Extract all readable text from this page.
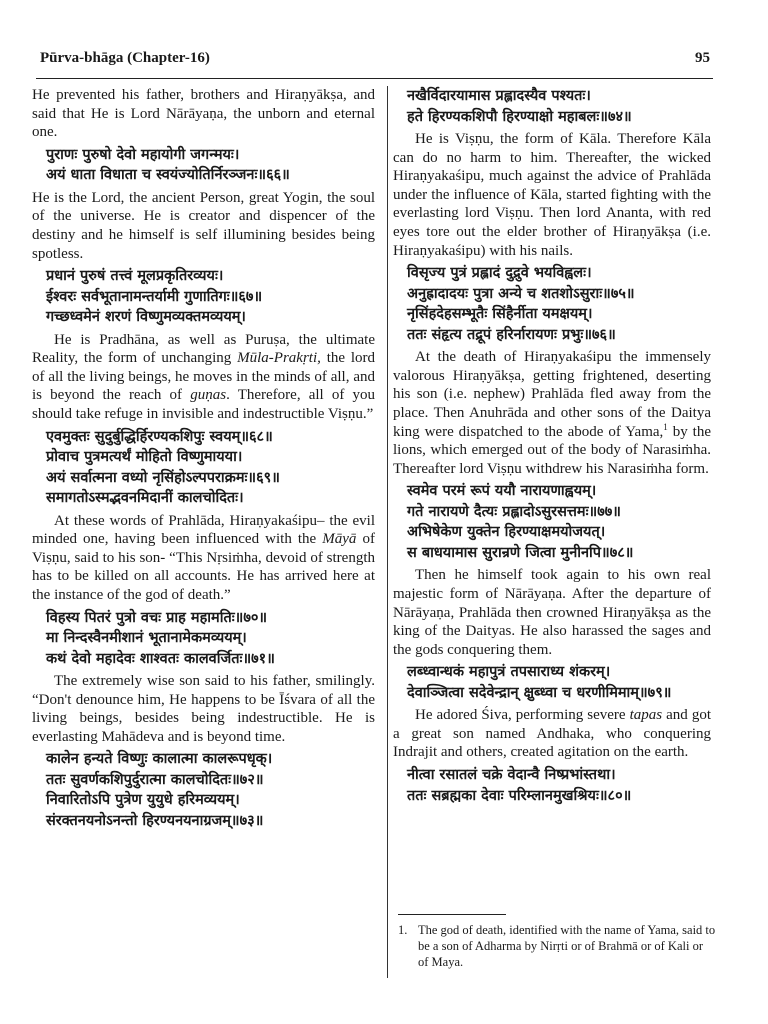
Pūrva-bhāga (Chapter-16)	95

He prevented his father, brothers and Hiraṇyākṣa, and said that He is Lord Nārāyaṇa, the unborn and eternal one.

पुराणः पुरुषो देवो महायोगी जगन्मयः।
अयं धाता विधाता च स्वयंज्योतिर्निरञ्जनः॥६६॥

He is the Lord, the ancient Person, great Yogin, the soul of the universe. He is creator and dispencer of the destiny and he himself is self illumining besides being spotless.

प्रधानं पुरुषं तत्त्वं मूलप्रकृतिरव्ययः।
ईश्वरः सर्वभूतानामन्तर्यामी गुणातिगः॥६७॥
गच्छध्वमेनं शरणं विष्णुमव्यक्तमव्ययम्।

He is Pradhāna, as well as Puruṣa, the ultimate Reality, the form of unchanging Mūla-Prakṛti, the lord of all the living beings, he moves in the minds of all, and is beyond the reach of guṇas. Therefore, all of you should take refuge in invisible and indestructible Viṣṇu.”

एवमुक्तः सुदुर्बुद्धिर्हिरण्यकशिपुः स्वयम्॥६८॥
प्रोवाच पुत्रमत्यर्थं मोहितो विष्णुमायया।
अयं सर्वात्मना वध्यो नृसिंहोऽल्पपराक्रमः॥६९॥
समागतोऽस्मद्भवनमिदानीं कालचोदितः।

At these words of Prahlāda, Hiraṇyakaśipu– the evil minded one, having been influenced with the Māyā of Viṣṇu, said to his son- “This Nṛsiṁha, devoid of strength has to be killed on all accounts. He has arrived here at the instance of the god of death.”

विहस्य पितरं पुत्रो वचः प्राह महामतिः॥७०॥
मा निन्दस्वैनमीशानं भूतानामेकमव्ययम्।
कथं देवो महादेवः शाश्वतः कालवर्जितः॥७१॥

The extremely wise son said to his father, smilingly. “Don't denounce him, He happens to be Īśvara of all the living beings, besides being indestructible. He is everlasting Mahādeva and is beyond time.

कालेन हन्यते विष्णुः कालात्मा कालरूपधृक्।
ततः सुवर्णकशिपुर्दुरात्मा कालचोदितः॥७२॥
निवारितोऽपि पुत्रेण युयुधे हरिमव्ययम्।
संरक्तनयनोऽनन्तो हिरण्यनयनाग्रजम्॥७३॥
नखैर्विदारयामास प्रह्लादस्यैव पश्यतः।
हते हिरण्यकशिपौ हिरण्याक्षो महाबलः॥७४॥

He is Viṣṇu, the form of Kāla. Therefore Kāla can do no harm to him. Thereafter, the wicked Hiraṇyakaśipu, much against the advice of Prahlāda under the influence of Kāla, started fighting with the everlasting lord Viṣṇu. Then lord Ananta, with red eyes tore out the elder brother of Hiraṇyākṣa (i.e. Hiraṇyakaśipu) with his nails.

विसृज्य पुत्रं प्रह्लादं दुद्रुवे भयविह्वलः।
अनुह्रादादयः पुत्रा अन्ये च शतशोऽसुराः॥७५॥
नृसिंहदेहसम्भूतैः सिंहैर्नीता यमक्षयम्।
ततः संहृत्य तद्रूपं हरिर्नारायणः प्रभुः॥७६॥

At the death of Hiraṇyakaśipu the immensely valorous Hiraṇyākṣa, getting frightened, deserting his son (i.e. nephew) Prahlāda fled away from the place. Then Anuhrāda and other sons of the Daitya king were dispatched to the abode of Yama,$^1$ by the lions, which emerged out of the body of Narasiṁha. Thereafter lord Viṣṇu withdrew his Narasiṁha form.

स्वमेव परमं रूपं ययौ नारायणाह्वयम्।
गते नारायणे दैत्यः प्रह्लादोऽसुरसत्तमः॥७७॥
अभिषेकेण युक्तेन हिरण्याक्षमयोजयत्।
स बाधयामास सुरान्रणे जित्वा मुनीनपि॥७८॥

Then he himself took again to his own real majestic form of Nārāyaṇa. After the departure of Nārāyaṇa, Prahlāda then crowned Hiraṇyākṣa as the king of the Daityas. He also harassed the sages and the gods conquering them.

लब्ध्वान्धकं महापुत्रं तपसाराध्य शंकरम्।
देवाञ्जित्वा सदेवेन्द्रान् क्षुब्ध्वा च धरणीमिमाम्॥७९॥

He adored Śiva, performing severe tapas and got a great son named Andhaka, who conquering Indrajit and others, created agitation on the earth.

नीत्वा रसातलं चक्रे वेदान्वै निष्प्रभांस्तथा।
ततः सब्रह्मका देवाः परिम्लानमुखश्रियः॥८०॥
1. The god of death, identified with the name of Yama, said to be a son of Adharma by Nirṛti or of Brahmā or of Kali or of Maya.
